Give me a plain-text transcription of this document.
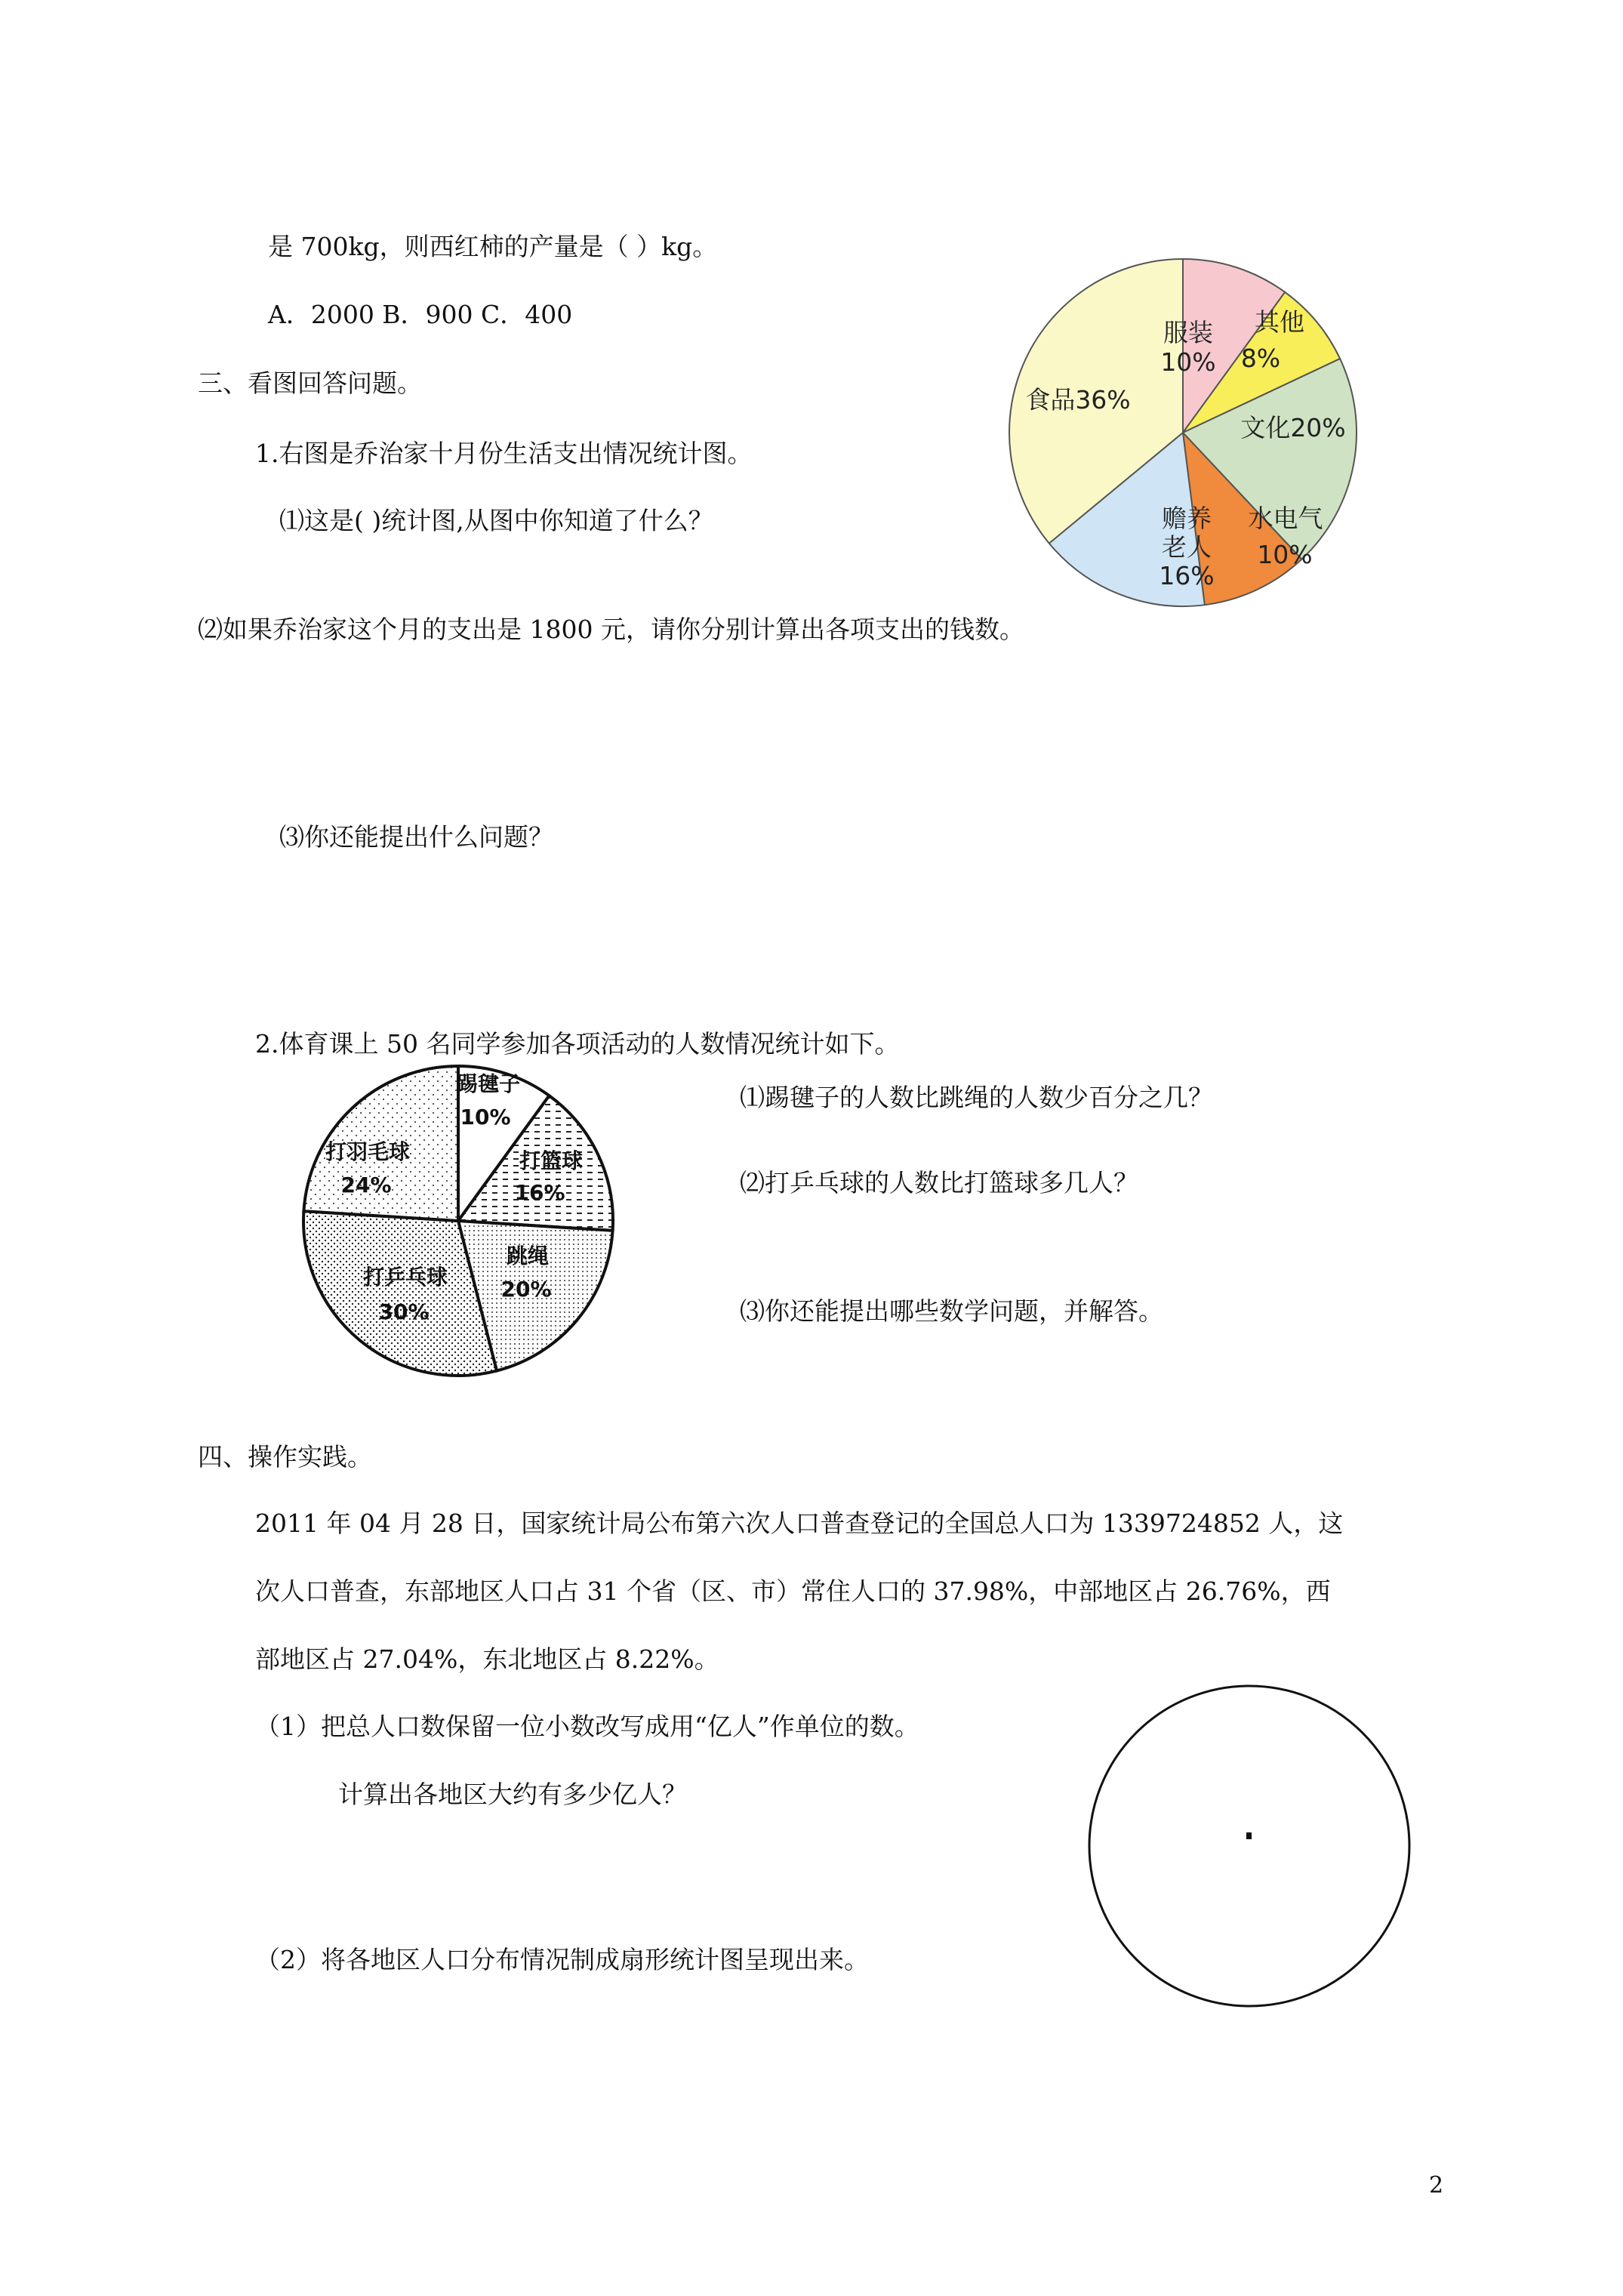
是 700kg，则西红柿的产量是（ ）kg。
A．2000 B．900 C．400
三、看图回答问题。
1.右图是乔治家十月份生活支出情况统计图。
⑴这是( )统计图,从图中你知道了什么？
⑵如果乔治家这个月的支出是 1800 元，请你分别计算出各项支出的钱数。
⑶你还能提出什么问题？
2.体育课上 50 名同学参加各项活动的人数情况统计如下。
⑴踢毽子的人数比跳绳的人数少百分之几？
⑵打乒乓球的人数比打篮球多几人？
⑶你还能提出哪些数学问题，并解答。
四、操作实践。
2011 年 04 月 28 日，国家统计局公布第六次人口普查登记的全国总人口为 1339724852 人，这
次人口普查，东部地区人口占 31 个省（区、市）常住人口的 37.98%，中部地区占 26.76%，西
部地区占 27.04%，东北地区占 8.22%。
（1）把总人口数保留一位小数改写成用“亿人”作单位的数。
计算出各地区大约有多少亿人？
（2）将各地区人口分布情况制成扇形统计图呈现出来。
2
服装 其他
水电气
赡养
老人
10% 8%
文化20%
10%
16%
食品36%
踢毽子
10%
打篮球
16%
跳绳
20%
打乒乓球
30%
打羽毛球
24%
